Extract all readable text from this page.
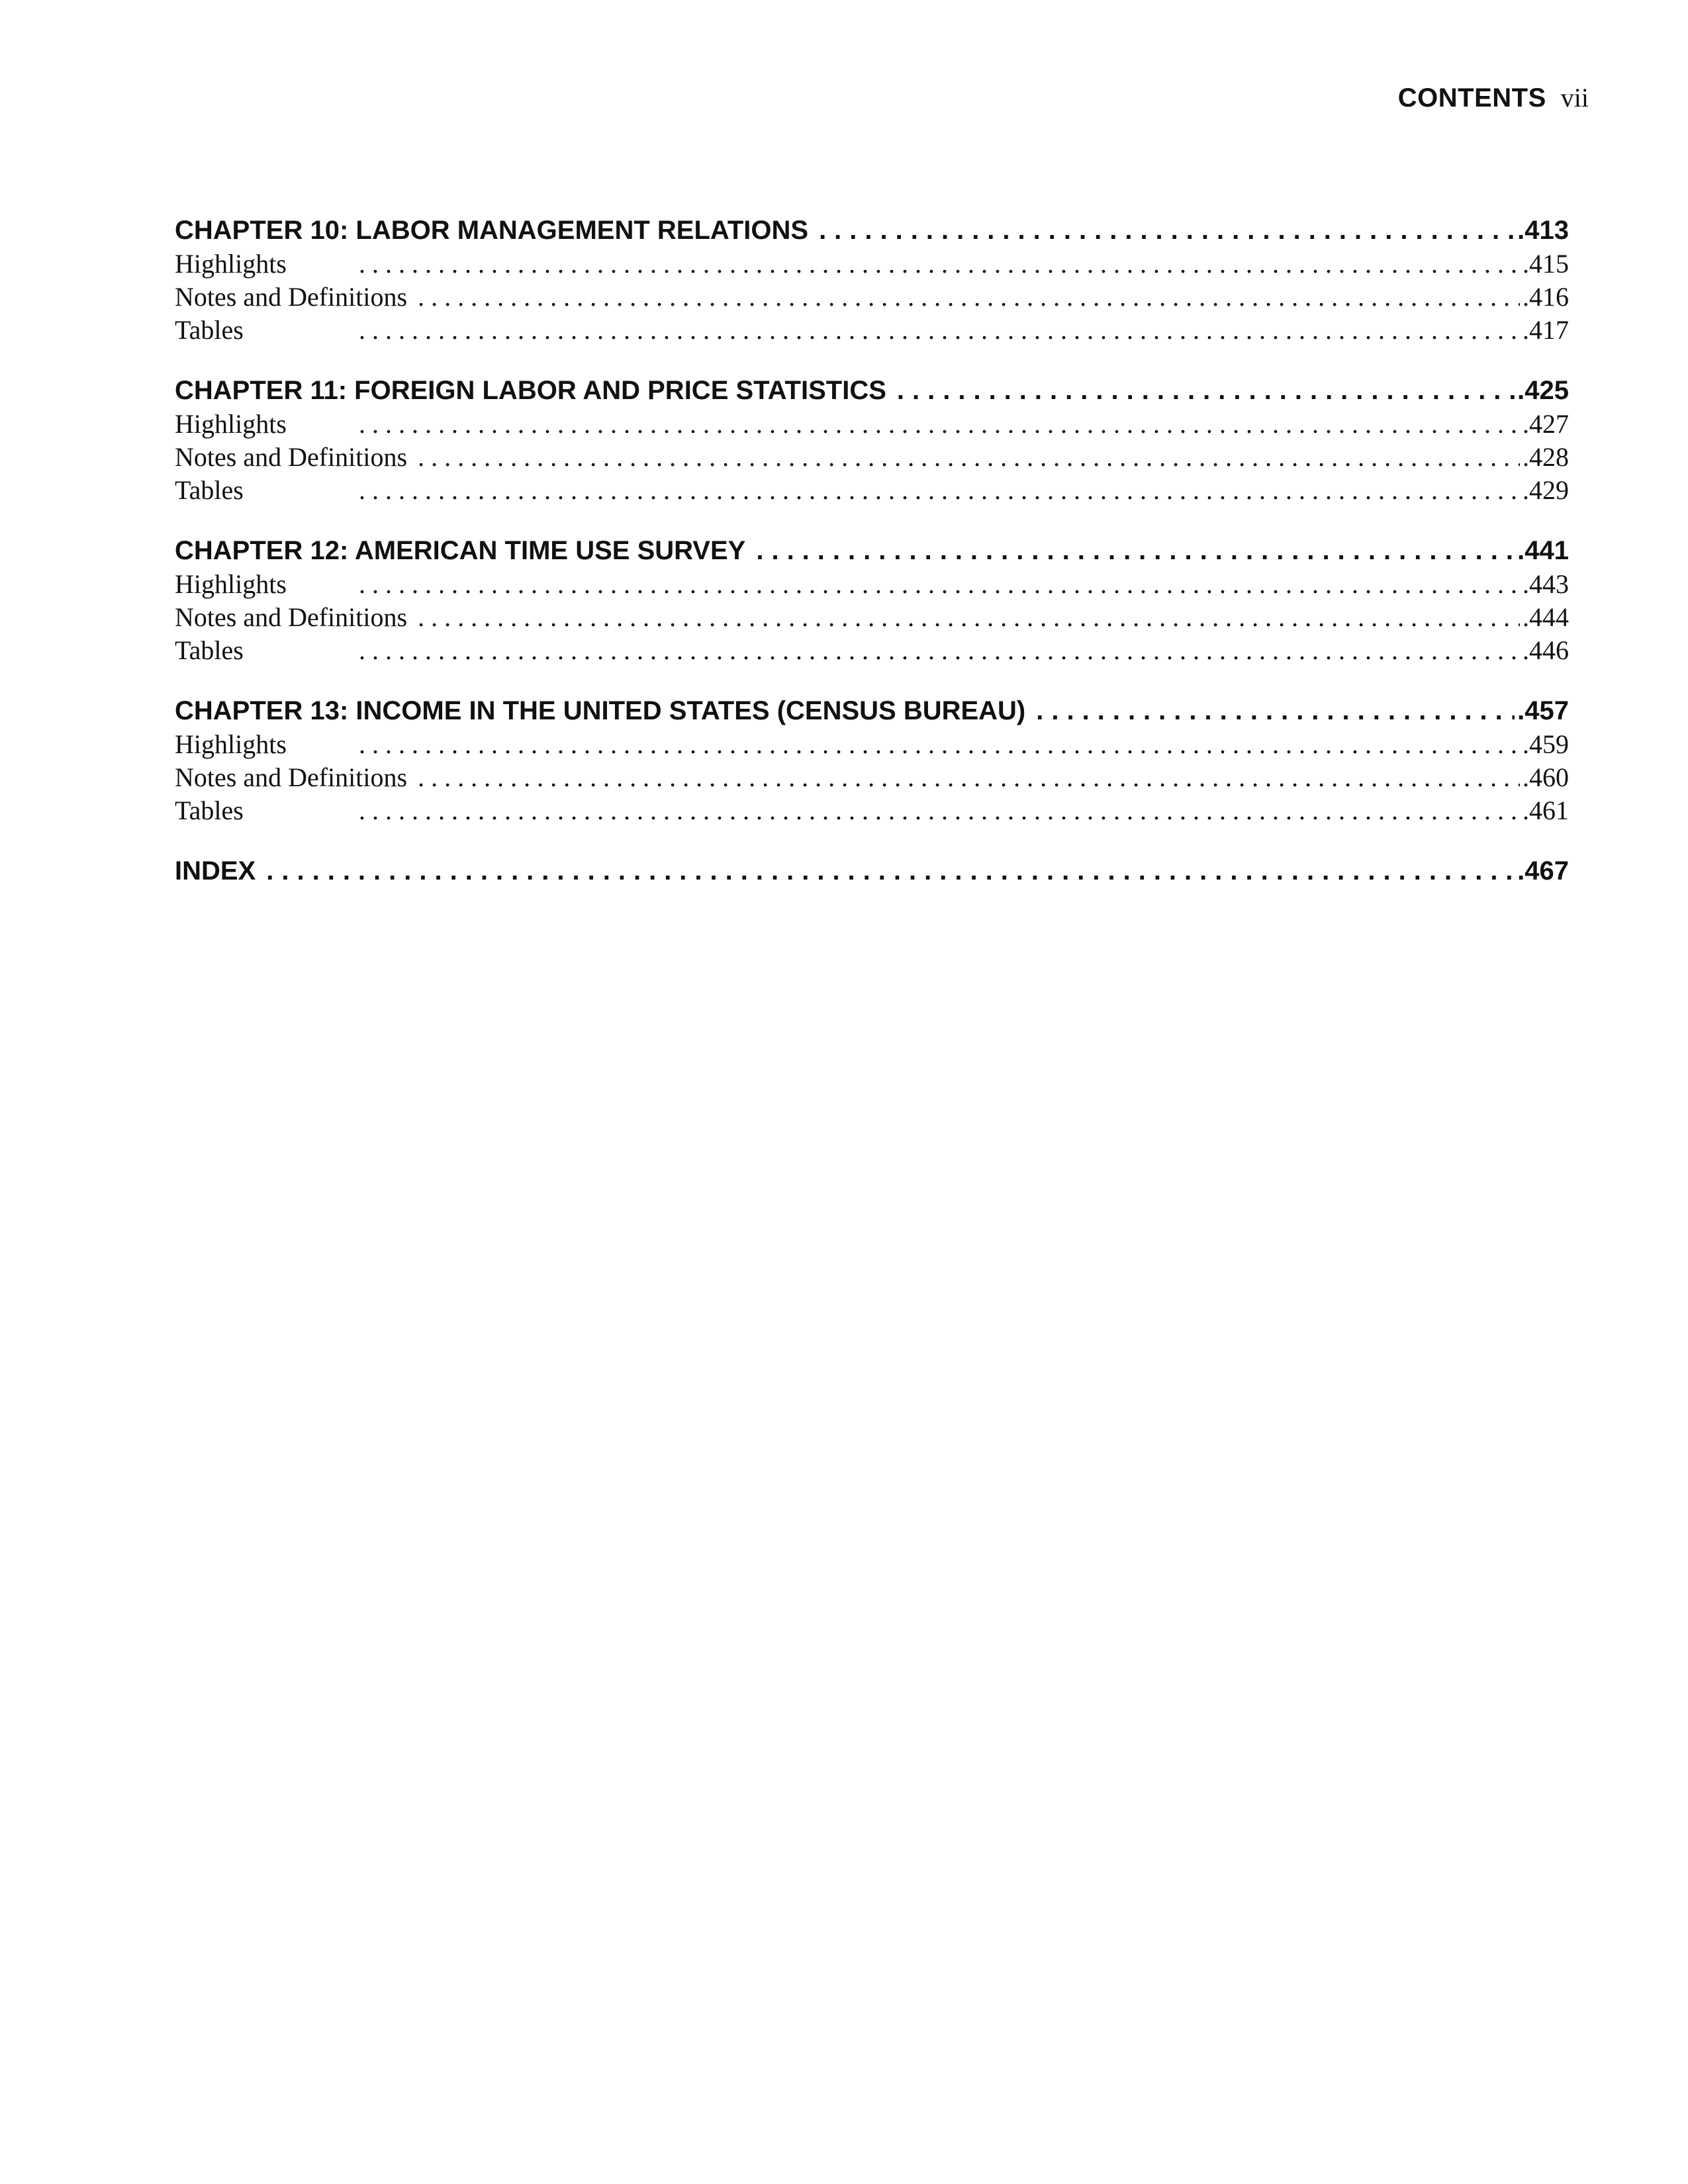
CONTENTS vii
CHAPTER 10: LABOR MANAGEMENT RELATIONS .....	.413
Highlights .....	.415
Notes and Definitions .....	.416
Tables .....	.417
CHAPTER 11: FOREIGN LABOR AND PRICE STATISTICS .....	.425
Highlights .....	.427
Notes and Definitions .....	.428
Tables .....	.429
CHAPTER 12: AMERICAN TIME USE SURVEY .....	.441
Highlights .....	.443
Notes and Definitions .....	.444
Tables .....	.446
CHAPTER 13: INCOME IN THE UNITED STATES (CENSUS BUREAU) .....	.457
Highlights .....	.459
Notes and Definitions .....	.460
Tables .....	.461
INDEX .....	.467
